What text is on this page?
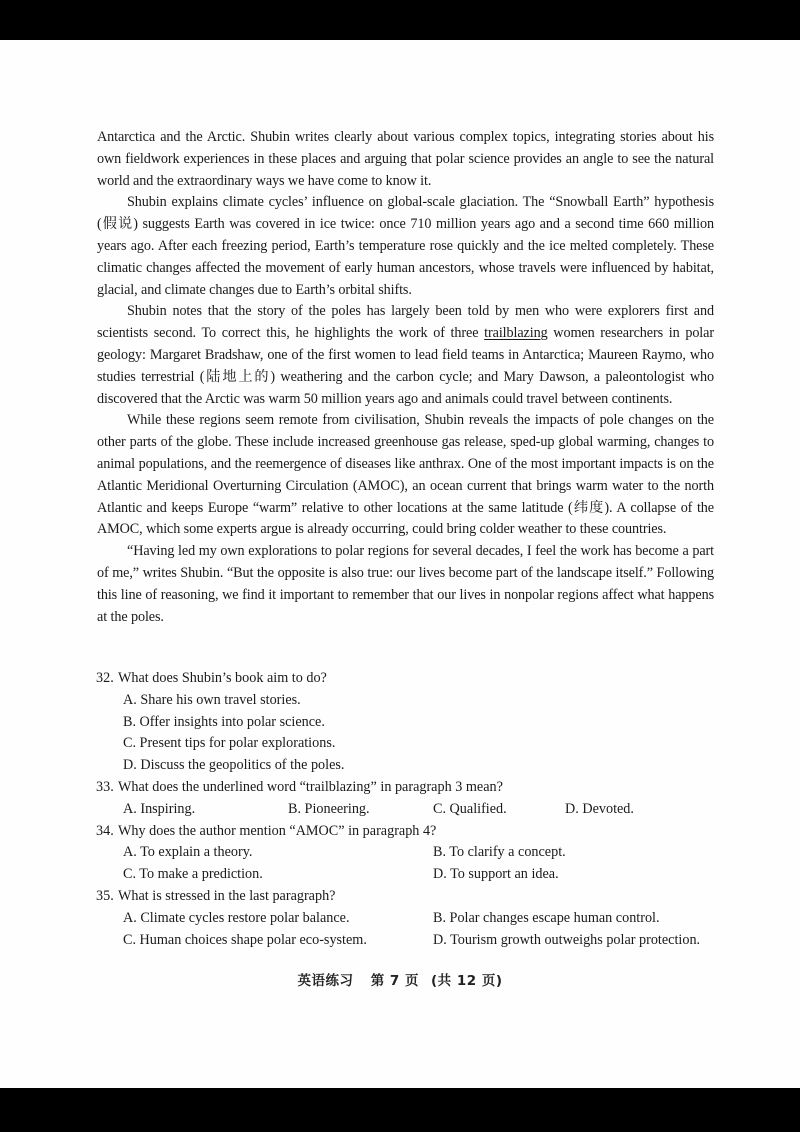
Antarctica and the Arctic. Shubin writes clearly about various complex topics, integrating stories about his own fieldwork experiences in these places and arguing that polar science provides an angle to see the natural world and the extraordinary ways we have come to know it.

Shubin explains climate cycles’ influence on global-scale glaciation. The “Snowball Earth” hypothesis (假说) suggests Earth was covered in ice twice: once 710 million years ago and a second time 660 million years ago. After each freezing period, Earth’s temperature rose quickly and the ice melted completely. These climatic changes affected the movement of early human ancestors, whose travels were influenced by habitat, glacial, and climate changes due to Earth’s orbital shifts.

Shubin notes that the story of the poles has largely been told by men who were explorers first and scientists second. To correct this, he highlights the work of three trailblazing women researchers in polar geology: Margaret Bradshaw, one of the first women to lead field teams in Antarctica; Maureen Raymo, who studies terrestrial (陆地上的) weathering and the carbon cycle; and Mary Dawson, a paleontologist who discovered that the Arctic was warm 50 million years ago and animals could travel between continents.

While these regions seem remote from civilisation, Shubin reveals the impacts of pole changes on the other parts of the globe. These include increased greenhouse gas release, sped-up global warming, changes to animal populations, and the reemergence of diseases like anthrax. One of the most important impacts is on the Atlantic Meridional Overturning Circulation (AMOC), an ocean current that brings warm water to the north Atlantic and keeps Europe “warm” relative to other locations at the same latitude (纬度). A collapse of the AMOC, which some experts argue is already occurring, could bring colder weather to these countries.

“Having led my own explorations to polar regions for several decades, I feel the work has become a part of me,” writes Shubin. “But the opposite is also true: our lives become part of the landscape itself.” Following this line of reasoning, we find it important to remember that our lives in nonpolar regions affect what happens at the poles.

32. What does Shubin’s book aim to do?
A. Share his own travel stories.
B. Offer insights into polar science.
C. Present tips for polar explorations.
D. Discuss the geopolitics of the poles.
33. What does the underlined word “trailblazing” in paragraph 3 mean?
A. Inspiring.	B. Pioneering.	C. Qualified.	D. Devoted.
34. Why does the author mention “AMOC” in paragraph 4?
A. To explain a theory.	B. To clarify a concept.
C. To make a prediction.	D. To support an idea.
35. What is stressed in the last paragraph?
A. Climate cycles restore polar balance.	B. Polar changes escape human control.
C. Human choices shape polar eco-system.	D. Tourism growth outweighs polar protection.
英语练习 第 7 页 (共 12 页)
